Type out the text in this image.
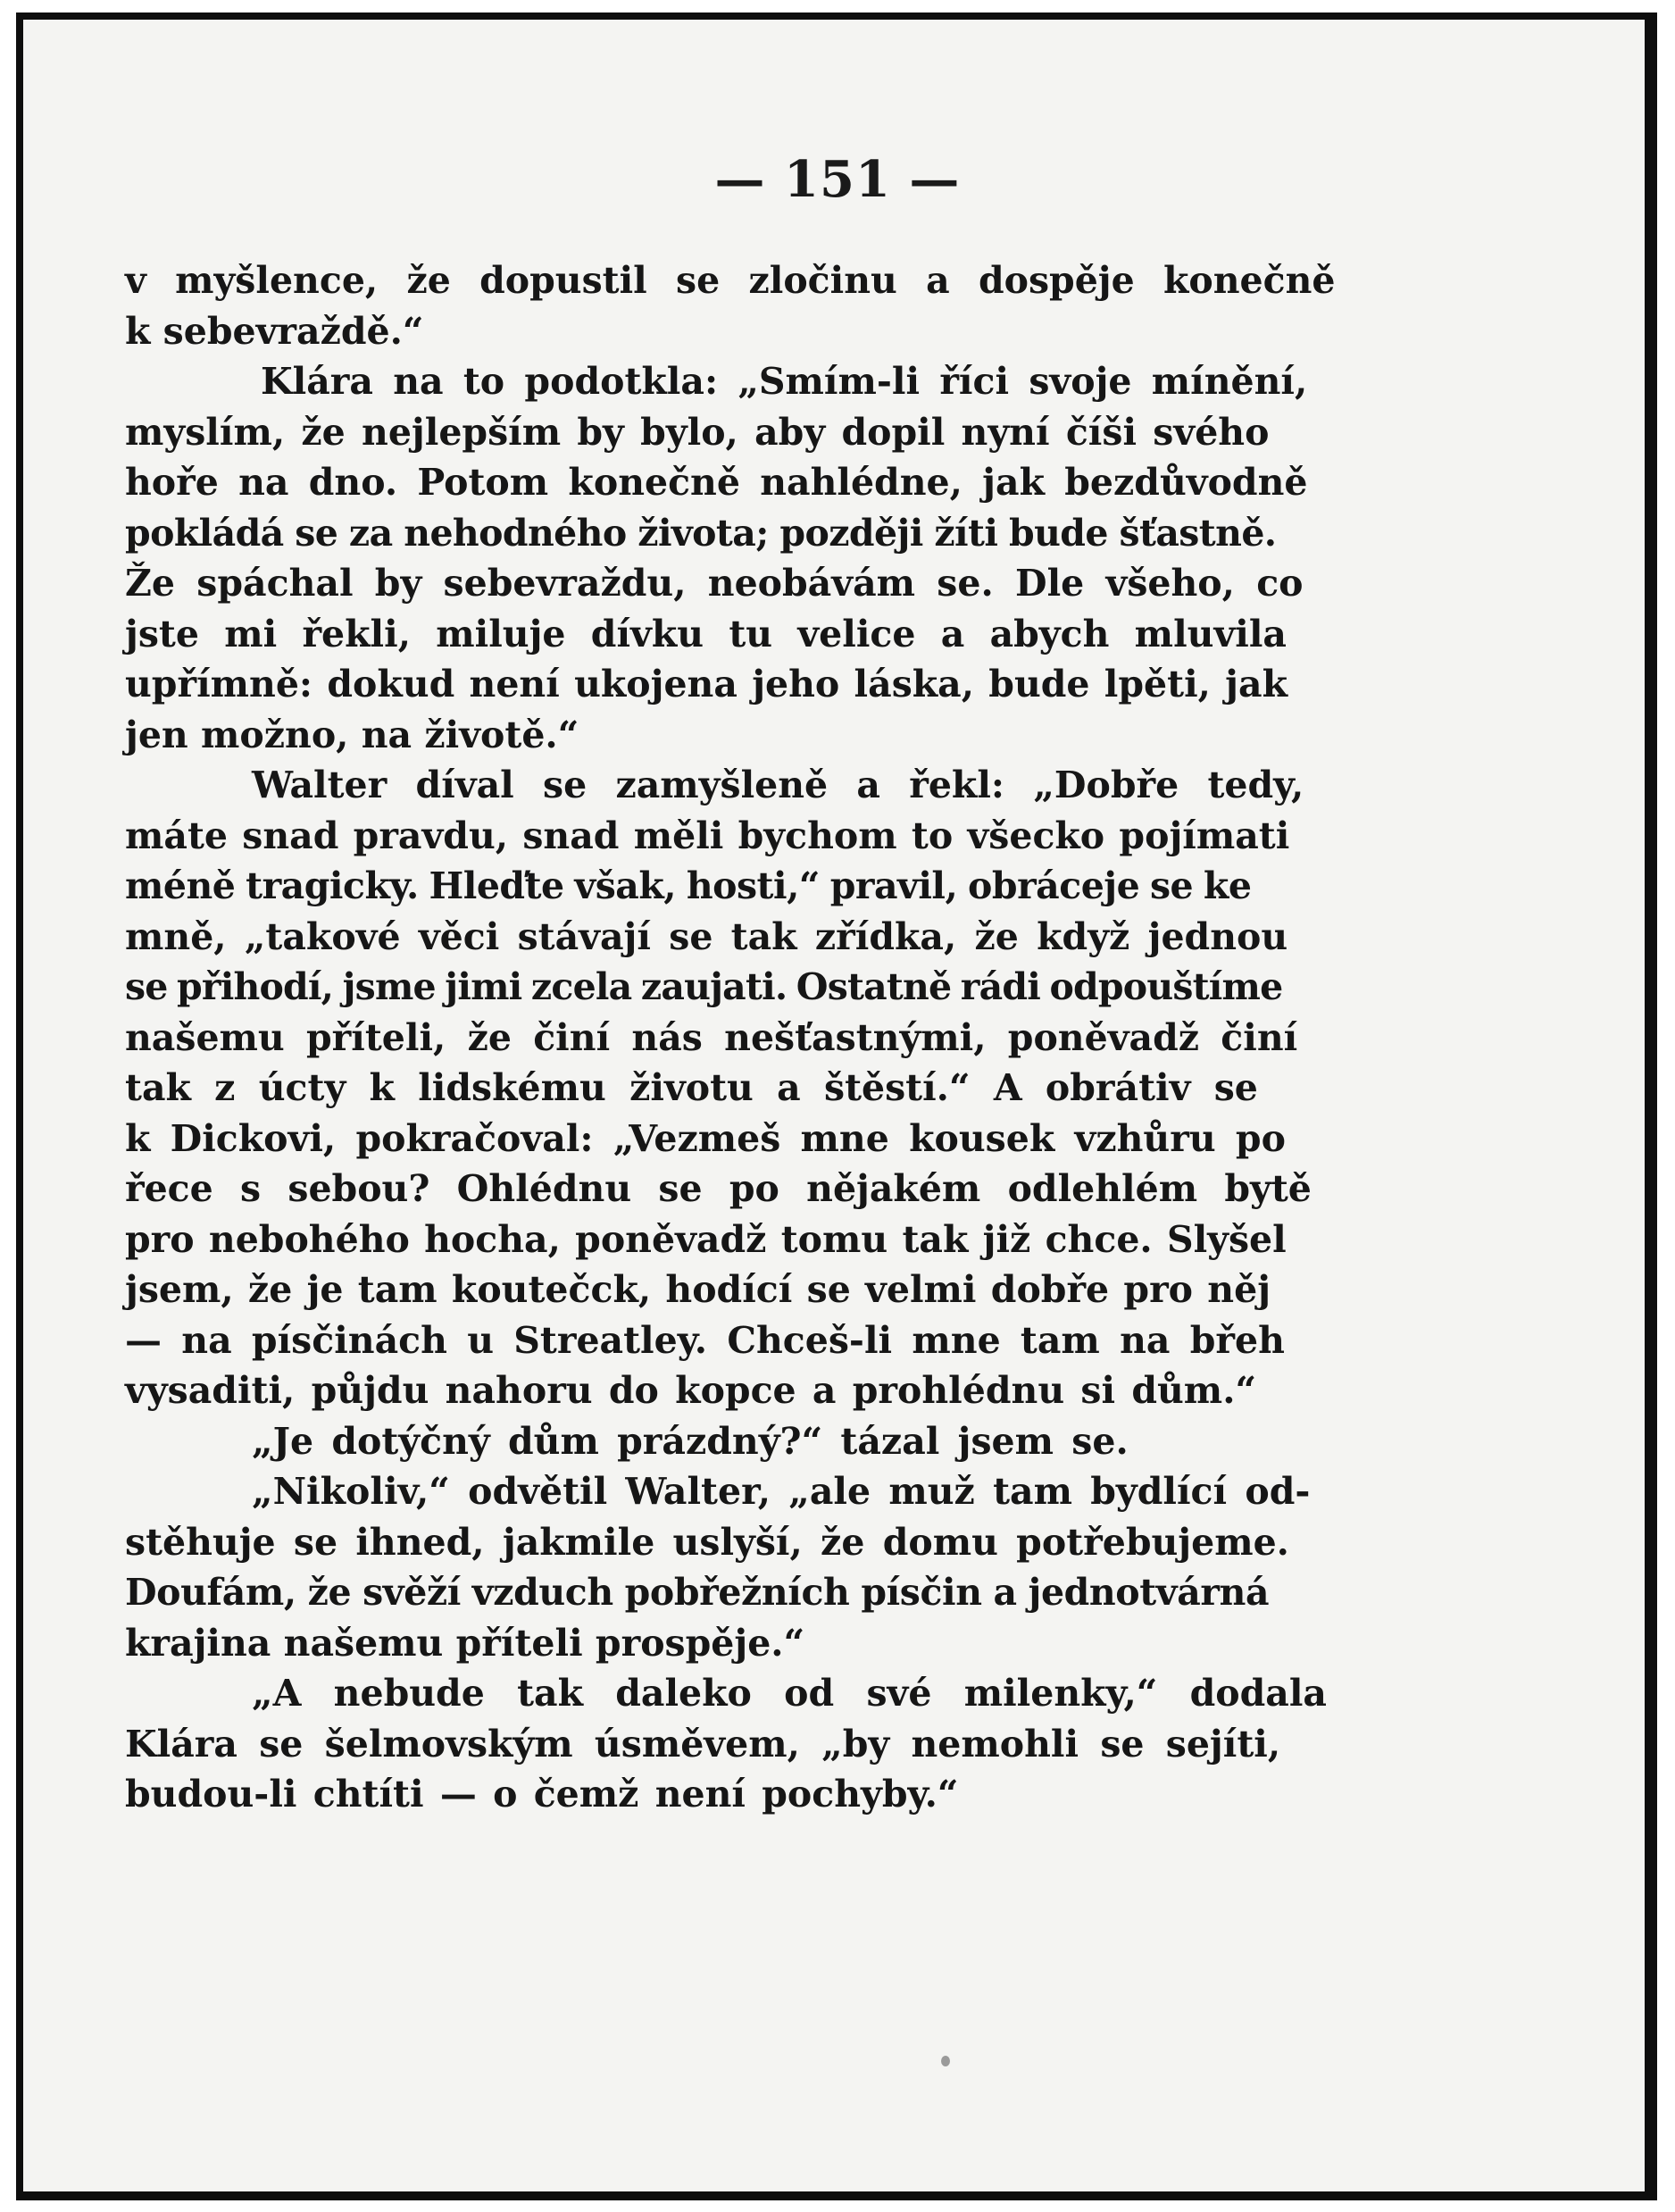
— 151 —
v myšlence, že dopustil se zločinu a dospěje konečně
k sebevraždě.“
Klára na to podotkla: „Smím-li říci svoje mínění,
myslím, že nejlepším by bylo, aby dopil nyní číši svého
hoře na dno. Potom konečně nahlédne, jak bezdůvodně
pokládá se za nehodného života; později žíti bude šťastně.
Že spáchal by sebevraždu, neobávám se. Dle všeho, co
jste mi řekli, miluje dívku tu velice a abych mluvila
upřímně: dokud není ukojena jeho láska, bude lpěti, jak
jen možno, na životě.“
Walter díval se zamyšleně a řekl: „Dobře tedy,
máte snad pravdu, snad měli bychom to všecko pojímati
méně tragicky. Hleďte však, hosti,“ pravil, obráceje se ke
mně, „takové věci stávají se tak zřídka, že když jednou
se přihodí, jsme jimi zcela zaujati. Ostatně rádi odpouštíme
našemu příteli, že činí nás nešťastnými, poněvadž činí
tak z úcty k lidskému životu a štěstí.“ A obrátiv se
k Dickovi, pokračoval: „Vezmeš mne kousek vzhůru po
řece s sebou? Ohlédnu se po nějakém odlehlém bytě
pro nebohého hocha, poněvadž tomu tak již chce. Slyšel
jsem, že je tam koutečck, hodící se velmi dobře pro něj
— na písčinách u Streatley. Chceš-li mne tam na břeh
vysaditi, půjdu nahoru do kopce a prohlédnu si dům.“
„Je dotýčný dům prázdný?“ tázal jsem se.
„Nikoliv,“ odvětil Walter, „ale muž tam bydlící od-
stěhuje se ihned, jakmile uslyší, že domu potřebujeme.
Doufám, že svěží vzduch pobřežních písčin a jednotvárná
krajina našemu příteli prospěje.“
„A nebude tak daleko od své milenky,“ dodala
Klára se šelmovským úsměvem, „by nemohli se sejíti,
budou-li chtíti — o čemž není pochyby.“
